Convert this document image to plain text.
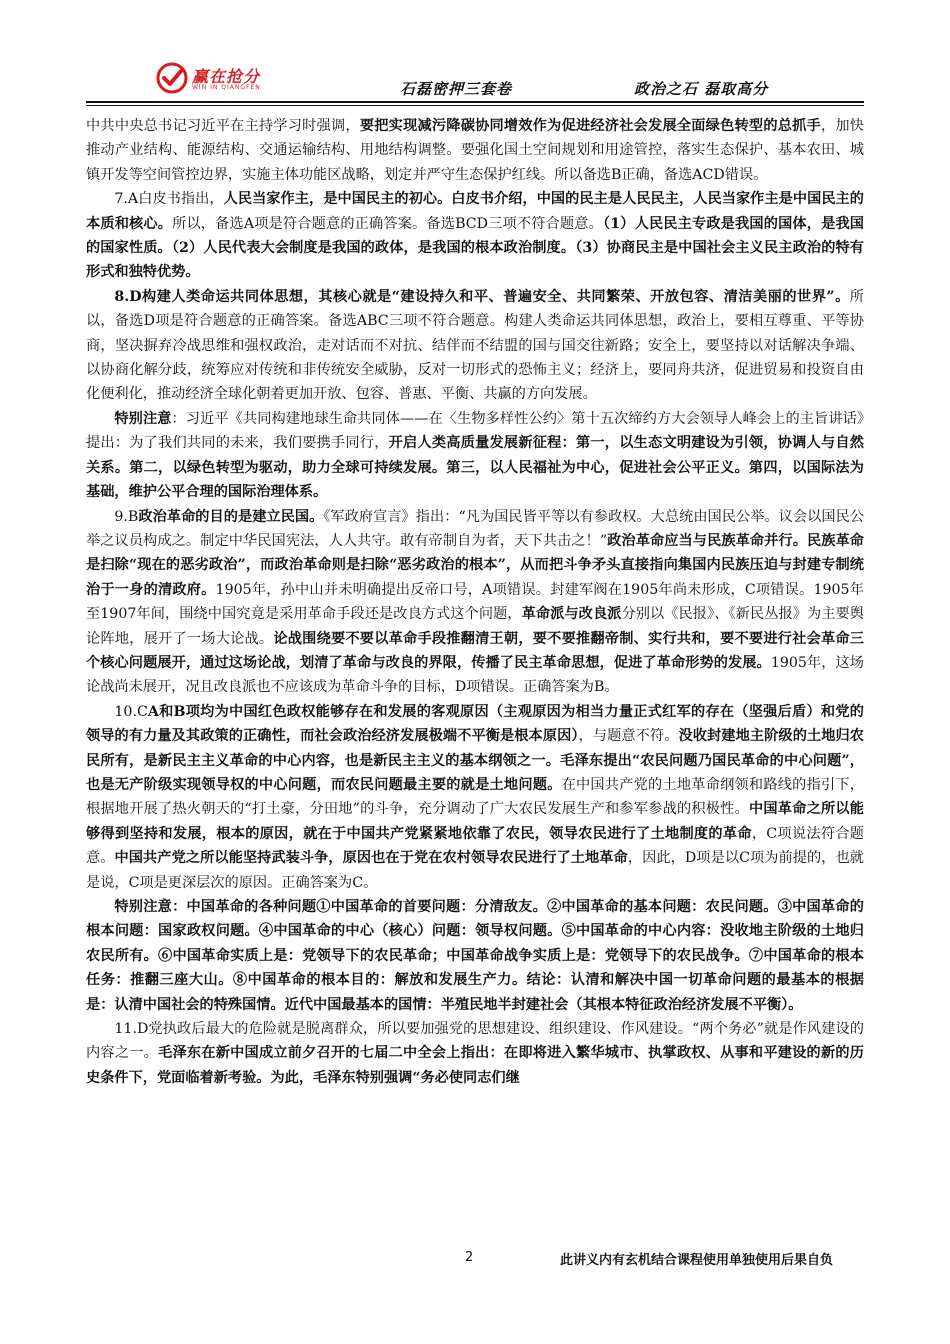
赢在抢分
WIN IN QIANGFEN	石磊密押三套卷	政治之石 磊取高分

中共中央总书记习近平在主持学习时强调，要把实现减污降碳协同增效作为促进经济社会发展全面绿色转型的总抓手，加快推动产业结构、能源结构、交通运输结构、用地结构调整。要强化国土空间规划和用途管控，落实生态保护、基本农田、城镇开发等空间管控边界，实施主体功能区战略，划定并严守生态保护红线。所以备选B正确，备选ACD错误。

7.A白皮书指出，人民当家作主，是中国民主的初心。白皮书介绍，中国的民主是人民民主，人民当家作主是中国民主的本质和核心。所以，备选A项是符合题意的正确答案。备选BCD三项不符合题意。（1）人民民主专政是我国的国体，是我国的国家性质。（2）人民代表大会制度是我国的政体，是我国的根本政治制度。（3）协商民主是中国社会主义民主政治的特有形式和独特优势。

8.D构建人类命运共同体思想，其核心就是“建设持久和平、普遍安全、共同繁荣、开放包容、清洁美丽的世界”。所以，备选D项是符合题意的正确答案。备选ABC三项不符合题意。构建人类命运共同体思想，政治上，要相互尊重、平等协商，坚决摒弃冷战思维和强权政治，走对话而不对抗、结伴而不结盟的国与国交往新路；安全上，要坚持以对话解决争端、以协商化解分歧，统筹应对传统和非传统安全威胁，反对一切形式的恐怖主义；经济上，要同舟共济，促进贸易和投资自由化便利化，推动经济全球化朝着更加开放、包容、普惠、平衡、共赢的方向发展。

特别注意：习近平《共同构建地球生命共同体——在〈生物多样性公约〉第十五次缔约方大会领导人峰会上的主旨讲话》提出：为了我们共同的未来，我们要携手同行，开启人类高质量发展新征程：第一，以生态文明建设为引领，协调人与自然关系。第二，以绿色转型为驱动，助力全球可持续发展。第三，以人民福祉为中心，促进社会公平正义。第四，以国际法为基础，维护公平合理的国际治理体系。

9.B政治革命的目的是建立民国。《军政府宣言》指出：“凡为国民皆平等以有参政权。大总统由国民公举。议会以国民公举之议员构成之。制定中华民国宪法，人人共守。敢有帝制自为者，天下共击之！”政治革命应当与民族革命并行。民族革命是扫除“现在的恶劣政治”，而政治革命则是扫除“恶劣政治的根本”，从而把斗争矛头直接指向集国内民族压迫与封建专制统治于一身的清政府。1905年，孙中山并未明确提出反帝口号，A项错误。封建军阀在1905年尚未形成，C项错误。1905年至1907年间，围绕中国究竟是采用革命手段还是改良方式这个问题，革命派与改良派分别以《民报》、《新民丛报》为主要舆论阵地，展开了一场大论战。论战围绕要不要以革命手段推翻清王朝，要不要推翻帝制、实行共和，要不要进行社会革命三个核心问题展开，通过这场论战，划清了革命与改良的界限，传播了民主革命思想，促进了革命形势的发展。1905年，这场论战尚未展开，况且改良派也不应该成为革命斗争的目标，D项错误。正确答案为B。

10.CA和B项均为中国红色政权能够存在和发展的客观原因（主观原因为相当力量正式红军的存在（坚强后盾）和党的领导的有力量及其政策的正确性，而社会政治经济发展极端不平衡是根本原因），与题意不符。没收封建地主阶级的土地归农民所有，是新民主主义革命的中心内容，也是新民主主义的基本纲领之一。毛泽东提出“农民问题乃国民革命的中心问题”，也是无产阶级实现领导权的中心问题，而农民问题最主要的就是土地问题。在中国共产党的土地革命纲领和路线的指引下，根据地开展了热火朝天的“打土豪，分田地”的斗争，充分调动了广大农民发展生产和参军参战的积极性。中国革命之所以能够得到坚持和发展，根本的原因，就在于中国共产党紧紧地依靠了农民，领导农民进行了土地制度的革命，C项说法符合题意。中国共产党之所以能坚持武装斗争，原因也在于党在农村领导农民进行了土地革命，因此，D项是以C项为前提的，也就是说，C项是更深层次的原因。正确答案为C。

特别注意：中国革命的各种问题①中国革命的首要问题：分清敌友。②中国革命的基本问题：农民问题。③中国革命的根本问题：国家政权问题。④中国革命的中心（核心）问题：领导权问题。⑤中国革命的中心内容：没收地主阶级的土地归农民所有。⑥中国革命实质上是：党领导下的农民革命；中国革命战争实质上是：党领导下的农民战争。⑦中国革命的根本任务：推翻三座大山。⑧中国革命的根本目的：解放和发展生产力。结论：认清和解决中国一切革命问题的最基本的根据是：认清中国社会的特殊国情。近代中国最基本的国情：半殖民地半封建社会（其根本特征政治经济发展不平衡）。

11.D党执政后最大的危险就是脱离群众，所以要加强党的思想建设、组织建设、作风建设。“两个务必”就是作风建设的内容之一。毛泽东在新中国成立前夕召开的七届二中全会上指出：在即将进入繁华城市、执掌政权、从事和平建设的新的历史条件下，党面临着新考验。为此，毛泽东特别强调“务必使同志们继

2	此讲义内有玄机结合课程使用单独使用后果自负
